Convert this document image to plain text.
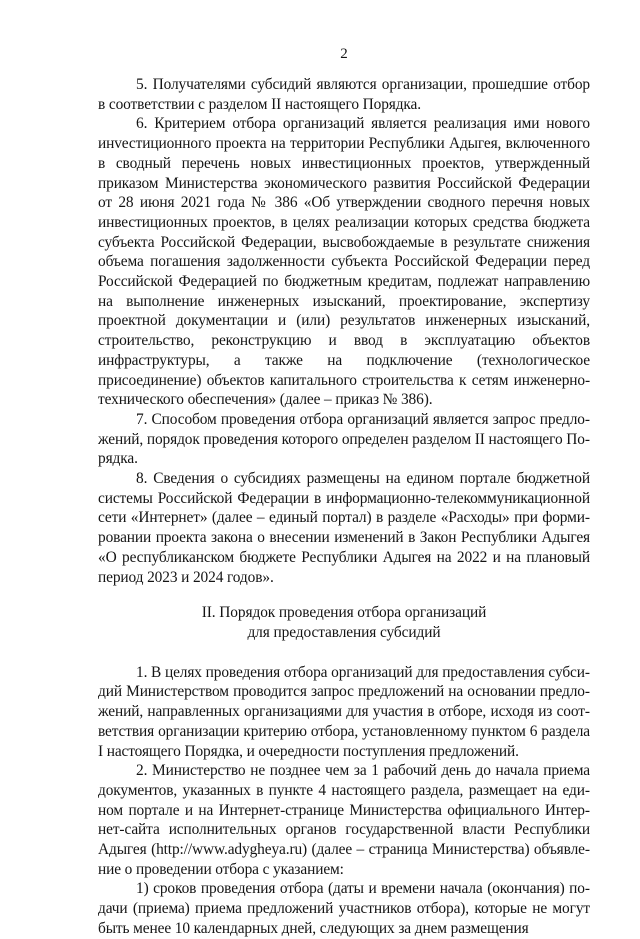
2

5. Получателями субсидий являются организации, прошедшие отбор в соответствии с разделом II настоящего Порядка.

6. Критерием отбора организаций является реализация ими нового инvестиционного проекта на территории Республики Адыгея, включенного в сводный перечень новых инвестиционных проектов, утвержденный приказом Министерства экономического развития Российской Федерации от 28 июня 2021 года № 386 «Об утверждении сводного перечня новых инвестиционных проектов, в целях реализации которых средства бюджета субъекта Российской Федерации, высвобождаемые в результате снижения объема погашения задолженности субъекта Российской Федерации перед Российской Федерацией по бюджетным кредитам, подлежат направлению на выполнение инженерных изысканий, проектирование, экспертизу проектной документации и (или) результатов инженерных изысканий, строительство, реконструкцию и ввод в эксплуатацию объектов инфраструктуры, а также на подключение (технологическое присоединение) объектов капитального строительства к сетям инженерно-технического обеспечения» (далее – приказ № 386).

7. Способом проведения отбора организаций является запрос предложений, порядок проведения которого определен разделом II настоящего Порядка.

8. Сведения о субсидиях размещены на едином портале бюджетной системы Российской Федерации в информационно-телекоммуникационной сети «Интернет» (далее – единый портал) в разделе «Расходы» при формировании проекта закона о внесении изменений в Закон Республики Адыгея «О республиканском бюджете Республики Адыгея на 2022 и на плановый период 2023 и 2024 годов».

II. Порядок проведения отбора организаций
для предоставления субсидий

1. В целях проведения отбора организаций для предоставления субсидий Министерством проводится запрос предложений на основании предложений, направленных организациями для участия в отборе, исходя из соответствия организации критерию отбора, установленному пунктом 6 раздела I настоящего Порядка, и очередности поступления предложений.

2. Министерство не позднее чем за 1 рабочий день до начала приема документов, указанных в пункте 4 настоящего раздела, размещает на едином портале и на Интернет-странице Министерства официального Интернет-сайта исполнительных органов государственной власти Республики Адыгея (http://www.adygheya.ru) (далее – страница Министерства) объявление о проведении отбора с указанием:

1) сроков проведения отбора (даты и времени начала (окончания) подачи (приема) приема предложений участников отбора), которые не могут быть менее 10 календарных дней, следующих за днем размещения
